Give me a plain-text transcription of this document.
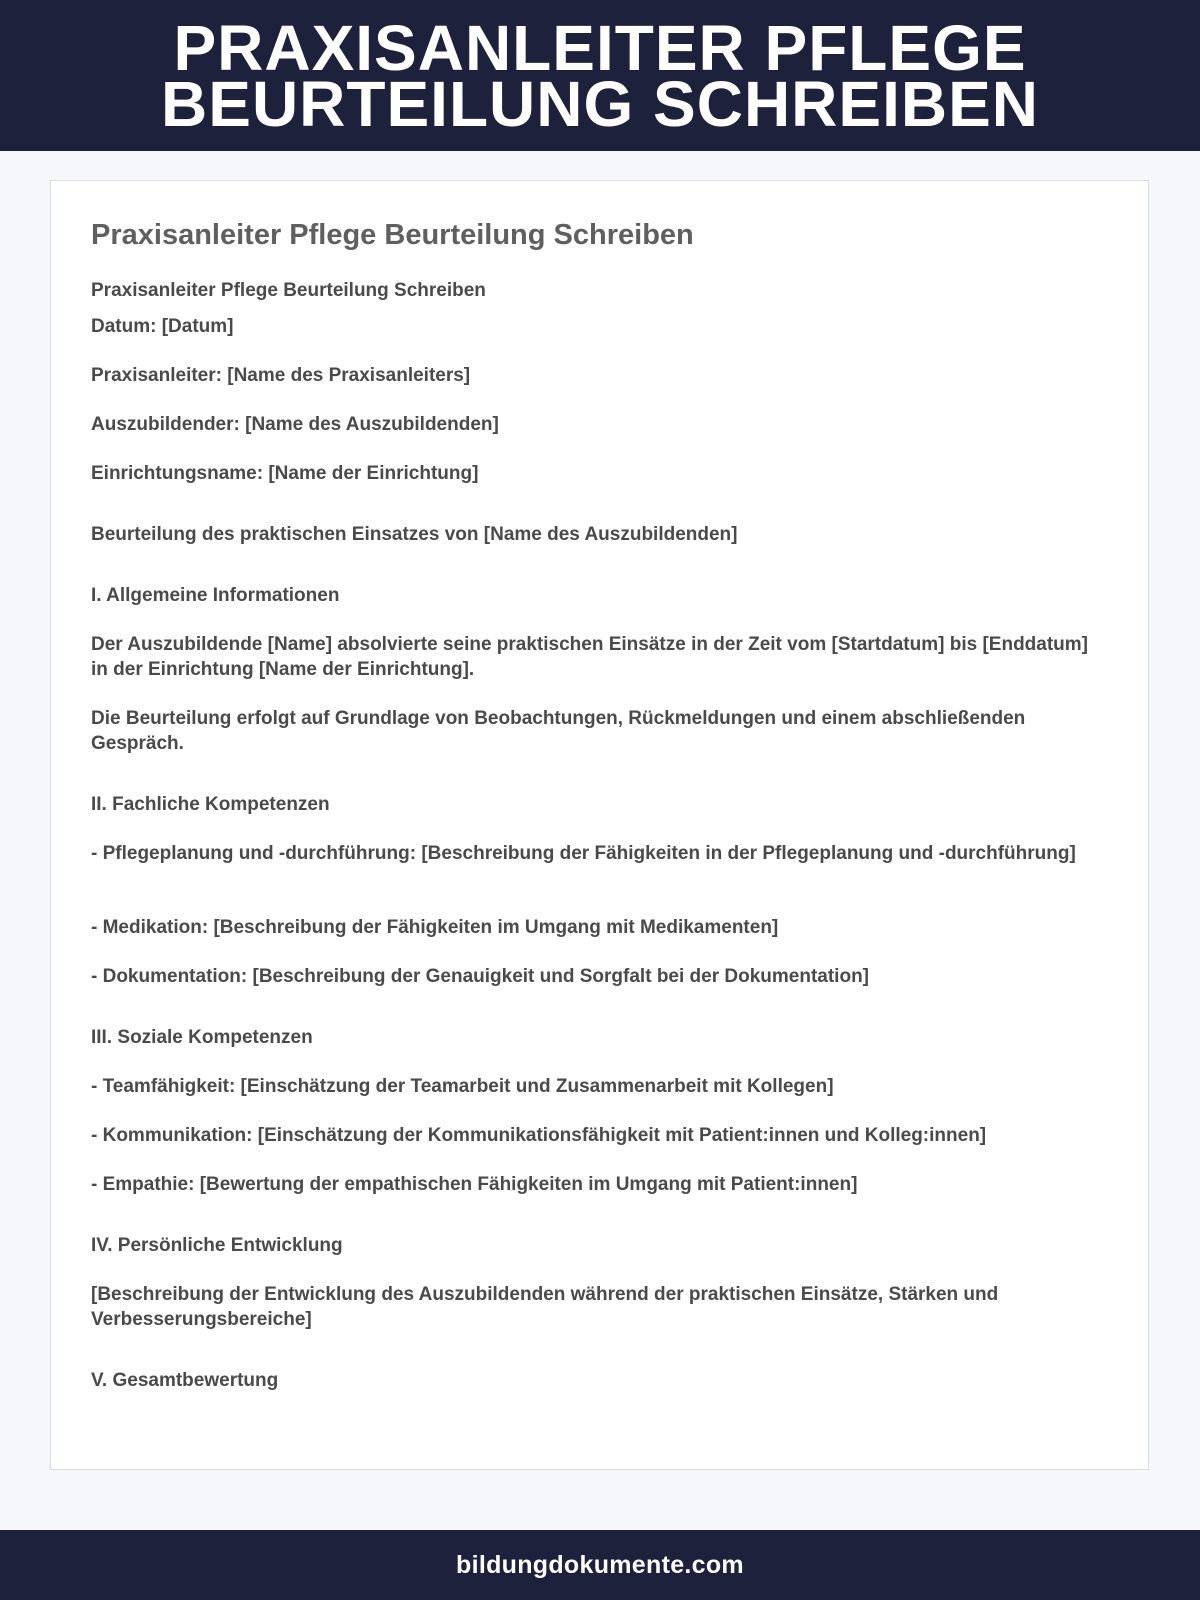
PRAXISANLEITER PFLEGE
BEURTEILUNG SCHREIBEN
Praxisanleiter Pflege Beurteilung Schreiben

Praxisanleiter Pflege Beurteilung Schreiben

Datum: [Datum]

Praxisanleiter: [Name des Praxisanleiters]

Auszubildender: [Name des Auszubildenden]

Einrichtungsname: [Name der Einrichtung]

Beurteilung des praktischen Einsatzes von [Name des Auszubildenden]

I. Allgemeine Informationen

Der Auszubildende [Name] absolvierte seine praktischen Einsätze in der Zeit vom [Startdatum] bis [Enddatum] in der Einrichtung [Name der Einrichtung].

Die Beurteilung erfolgt auf Grundlage von Beobachtungen, Rückmeldungen und einem abschließenden Gespräch.

II. Fachliche Kompetenzen

- Pflegeplanung und -durchführung: [Beschreibung der Fähigkeiten in der Pflegeplanung und -durchführung]

- Medikation: [Beschreibung der Fähigkeiten im Umgang mit Medikamenten]

- Dokumentation: [Beschreibung der Genauigkeit und Sorgfalt bei der Dokumentation]

III. Soziale Kompetenzen

- Teamfähigkeit: [Einschätzung der Teamarbeit und Zusammenarbeit mit Kollegen]

- Kommunikation: [Einschätzung der Kommunikationsfähigkeit mit Patient:innen und Kolleg:innen]

- Empathie: [Bewertung der empathischen Fähigkeiten im Umgang mit Patient:innen]

IV. Persönliche Entwicklung

[Beschreibung der Entwicklung des Auszubildenden während der praktischen Einsätze, Stärken und Verbesserungsbereiche]

V. Gesamtbewertung

bildungdokumente.com
